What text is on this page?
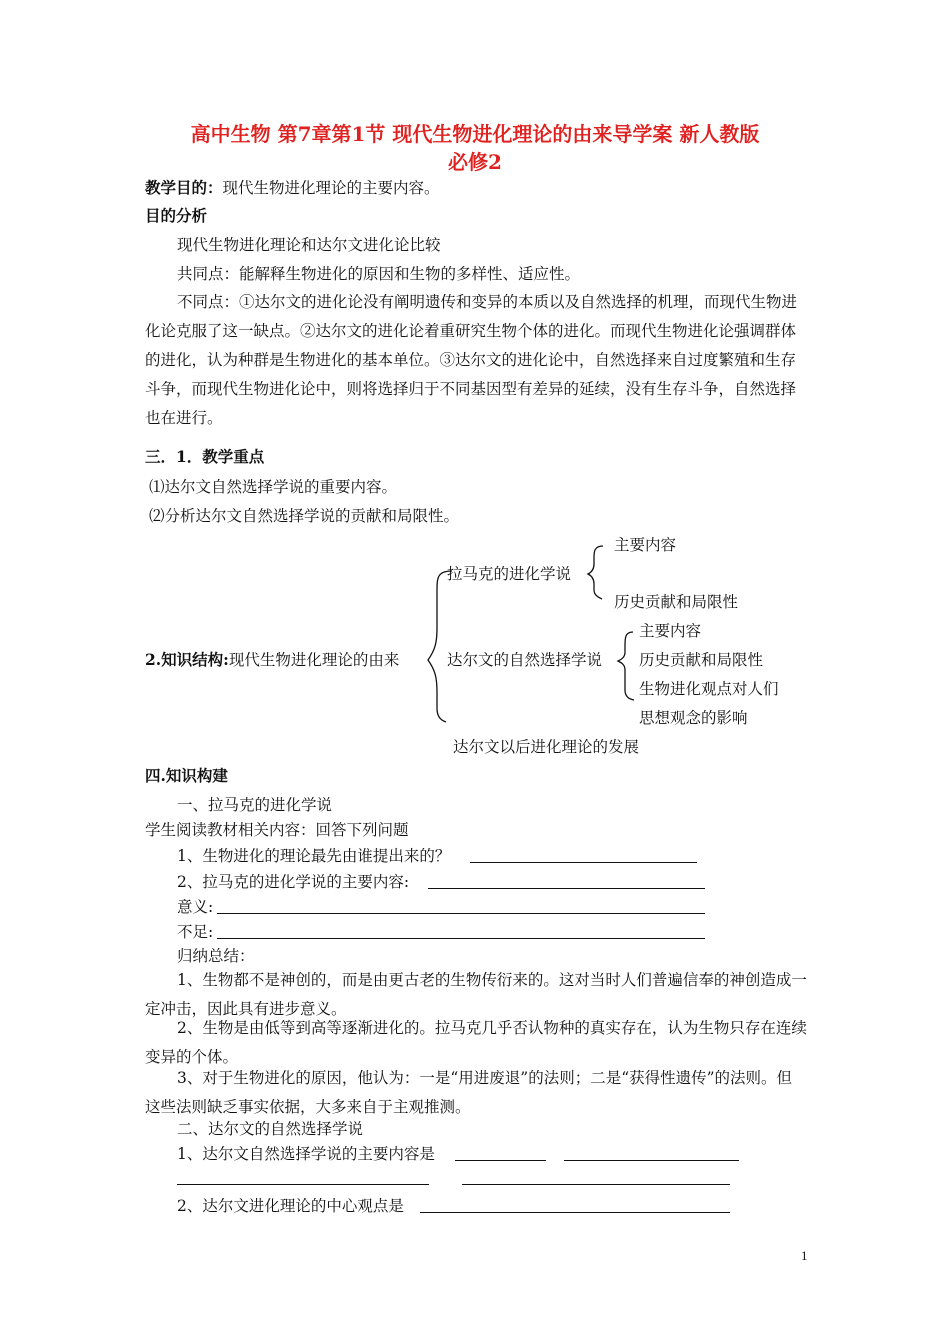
高中生物 第7章第1节 现代生物进化理论的由来导学案 新人教版
必修2
教学目的：现代生物进化理论的主要内容。
目的分析
现代生物进化理论和达尔文进化论比较
共同点：能解释生物进化的原因和生物的多样性、适应性。
不同点：①达尔文的进化论没有阐明遗传和变异的本质以及自然选择的机理，而现代生物进化论克服了这一缺点。②达尔文的进化论着重研究生物个体的进化。而现代生物进化论强调群体的进化，认为种群是生物进化的基本单位。③达尔文的进化论中，自然选择来自过度繁殖和生存斗争，而现代生物进化论中，则将选择归于不同基因型有差异的延续，没有生存斗争，自然选择也在进行。
三．1．教学重点
⑴达尔文自然选择学说的重要内容。
⑵分析达尔文自然选择学说的贡献和局限性。
2.知识结构:现代生物进化理论的由来
拉马克的进化学说
主要内容
历史贡献和局限性
达尔文的自然选择学说
主要内容
历史贡献和局限性
生物进化观点对人们
思想观念的影响
达尔文以后进化理论的发展
四.知识构建
一、拉马克的进化学说
学生阅读教材相关内容：回答下列问题
1、生物进化的理论最先由谁提出来的？
2、拉马克的进化学说的主要内容:
意义:
不足:
归纳总结：
1、生物都不是神创的，而是由更古老的生物传衍来的。这对当时人们普遍信奉的神创造成一定冲击，因此具有进步意义。
2、生物是由低等到高等逐渐进化的。拉马克几乎否认物种的真实存在，认为生物只存在连续变异的个体。
3、对于生物进化的原因，他认为：一是“用进废退”的法则；二是“获得性遗传”的法则。但这些法则缺乏事实依据，大多来自于主观推测。
二、达尔文的自然选择学说
1、达尔文自然选择学说的主要内容是
2、达尔文进化理论的中心观点是
1
